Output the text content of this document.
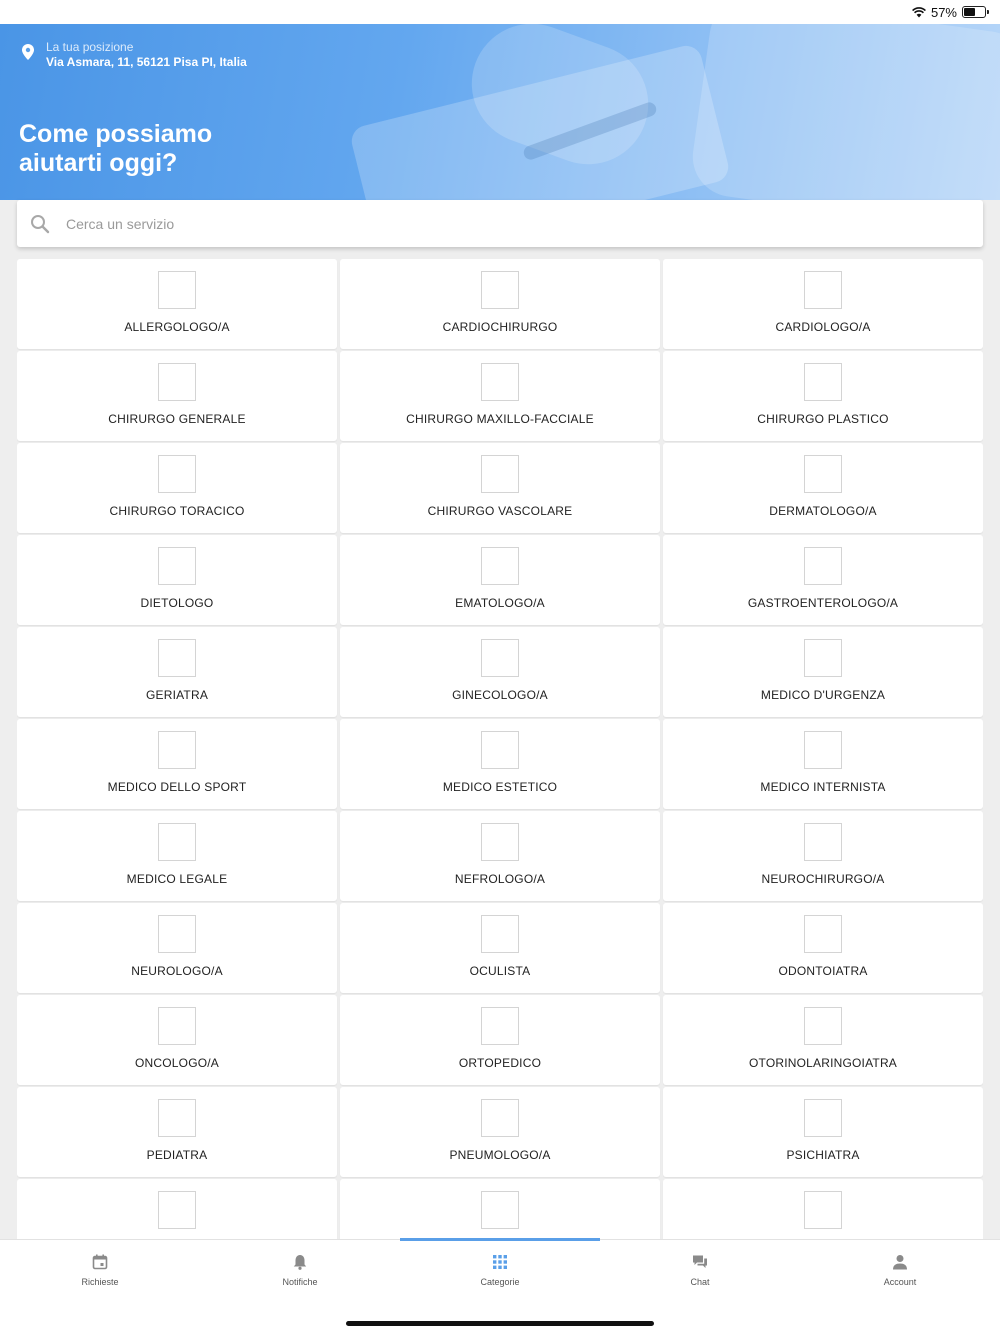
57%
La tua posizione
Via Asmara, 11, 56121 Pisa PI, Italia
Come possiamo aiutarti oggi?
Cerca un servizio
ALLERGOLOGO/A	CARDIOCHIRURGO	CARDIOLOGO/A
CHIRURGO GENERALE	CHIRURGO MAXILLO-FACCIALE	CHIRURGO PLASTICO
CHIRURGO TORACICO	CHIRURGO VASCOLARE	DERMATOLOGO/A
DIETOLOGO	EMATOLOGO/A	GASTROENTEROLOGO/A
GERIATRA	GINECOLOGO/A	MEDICO D'URGENZA
MEDICO DELLO SPORT	MEDICO ESTETICO	MEDICO INTERNISTA
MEDICO LEGALE	NEFROLOGO/A	NEUROCHIRURGO/A
NEUROLOGO/A	OCULISTA	ODONTOIATRA
ONCOLOGO/A	ORTOPEDICO	OTORINOLARINGOIATRA
PEDIATRA	PNEUMOLOGO/A	PSICHIATRA
Richieste	Notifiche	Categorie	Chat	Account
